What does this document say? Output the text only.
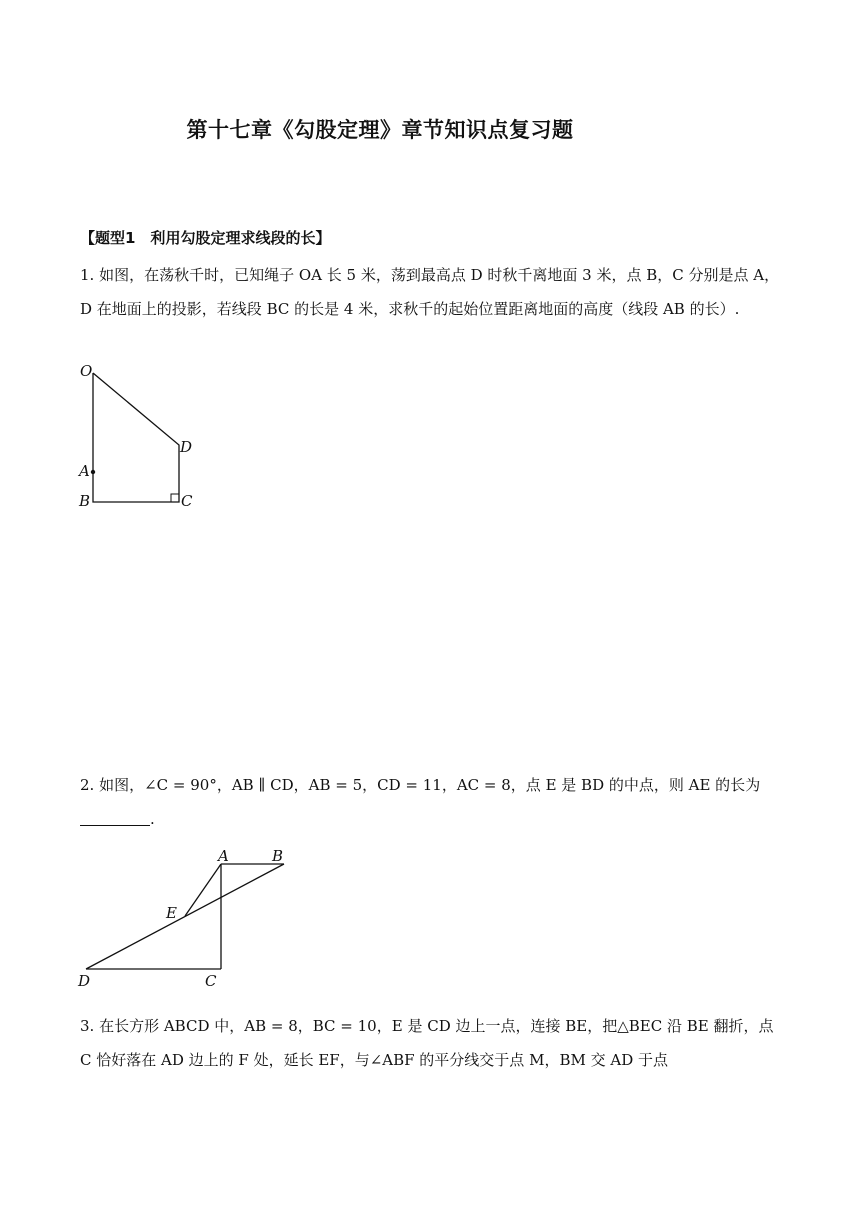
第十七章《勾股定理》章节知识点复习题
【题型1　利用勾股定理求线段的长】

1. 如图，在荡秋千时，已知绳子 OA 长 5 米，荡到最高点 D 时秋千离地面 3 米，点 B，C 分别是点 A，D 在地面上的投影，若线段 BC 的长是 4 米，求秋千的起始位置距离地面的高度（线段 AB 的长）.

O
D
A
B	C

2. 如图，∠C = 90°，AB ∥ CD，AB = 5，CD = 11，AC = 8，点 E 是 BD 的中点，则 AE 的长为 .

A	B
E
D	C

3. 在长方形 ABCD 中，AB = 8，BC = 10，E 是 CD 边上一点，连接 BE，把△BEC 沿 BE 翻折，点 C 恰好落在 AD 边上的 F 处，延长 EF，与∠ABF 的平分线交于点 M，BM 交 AD 于点
